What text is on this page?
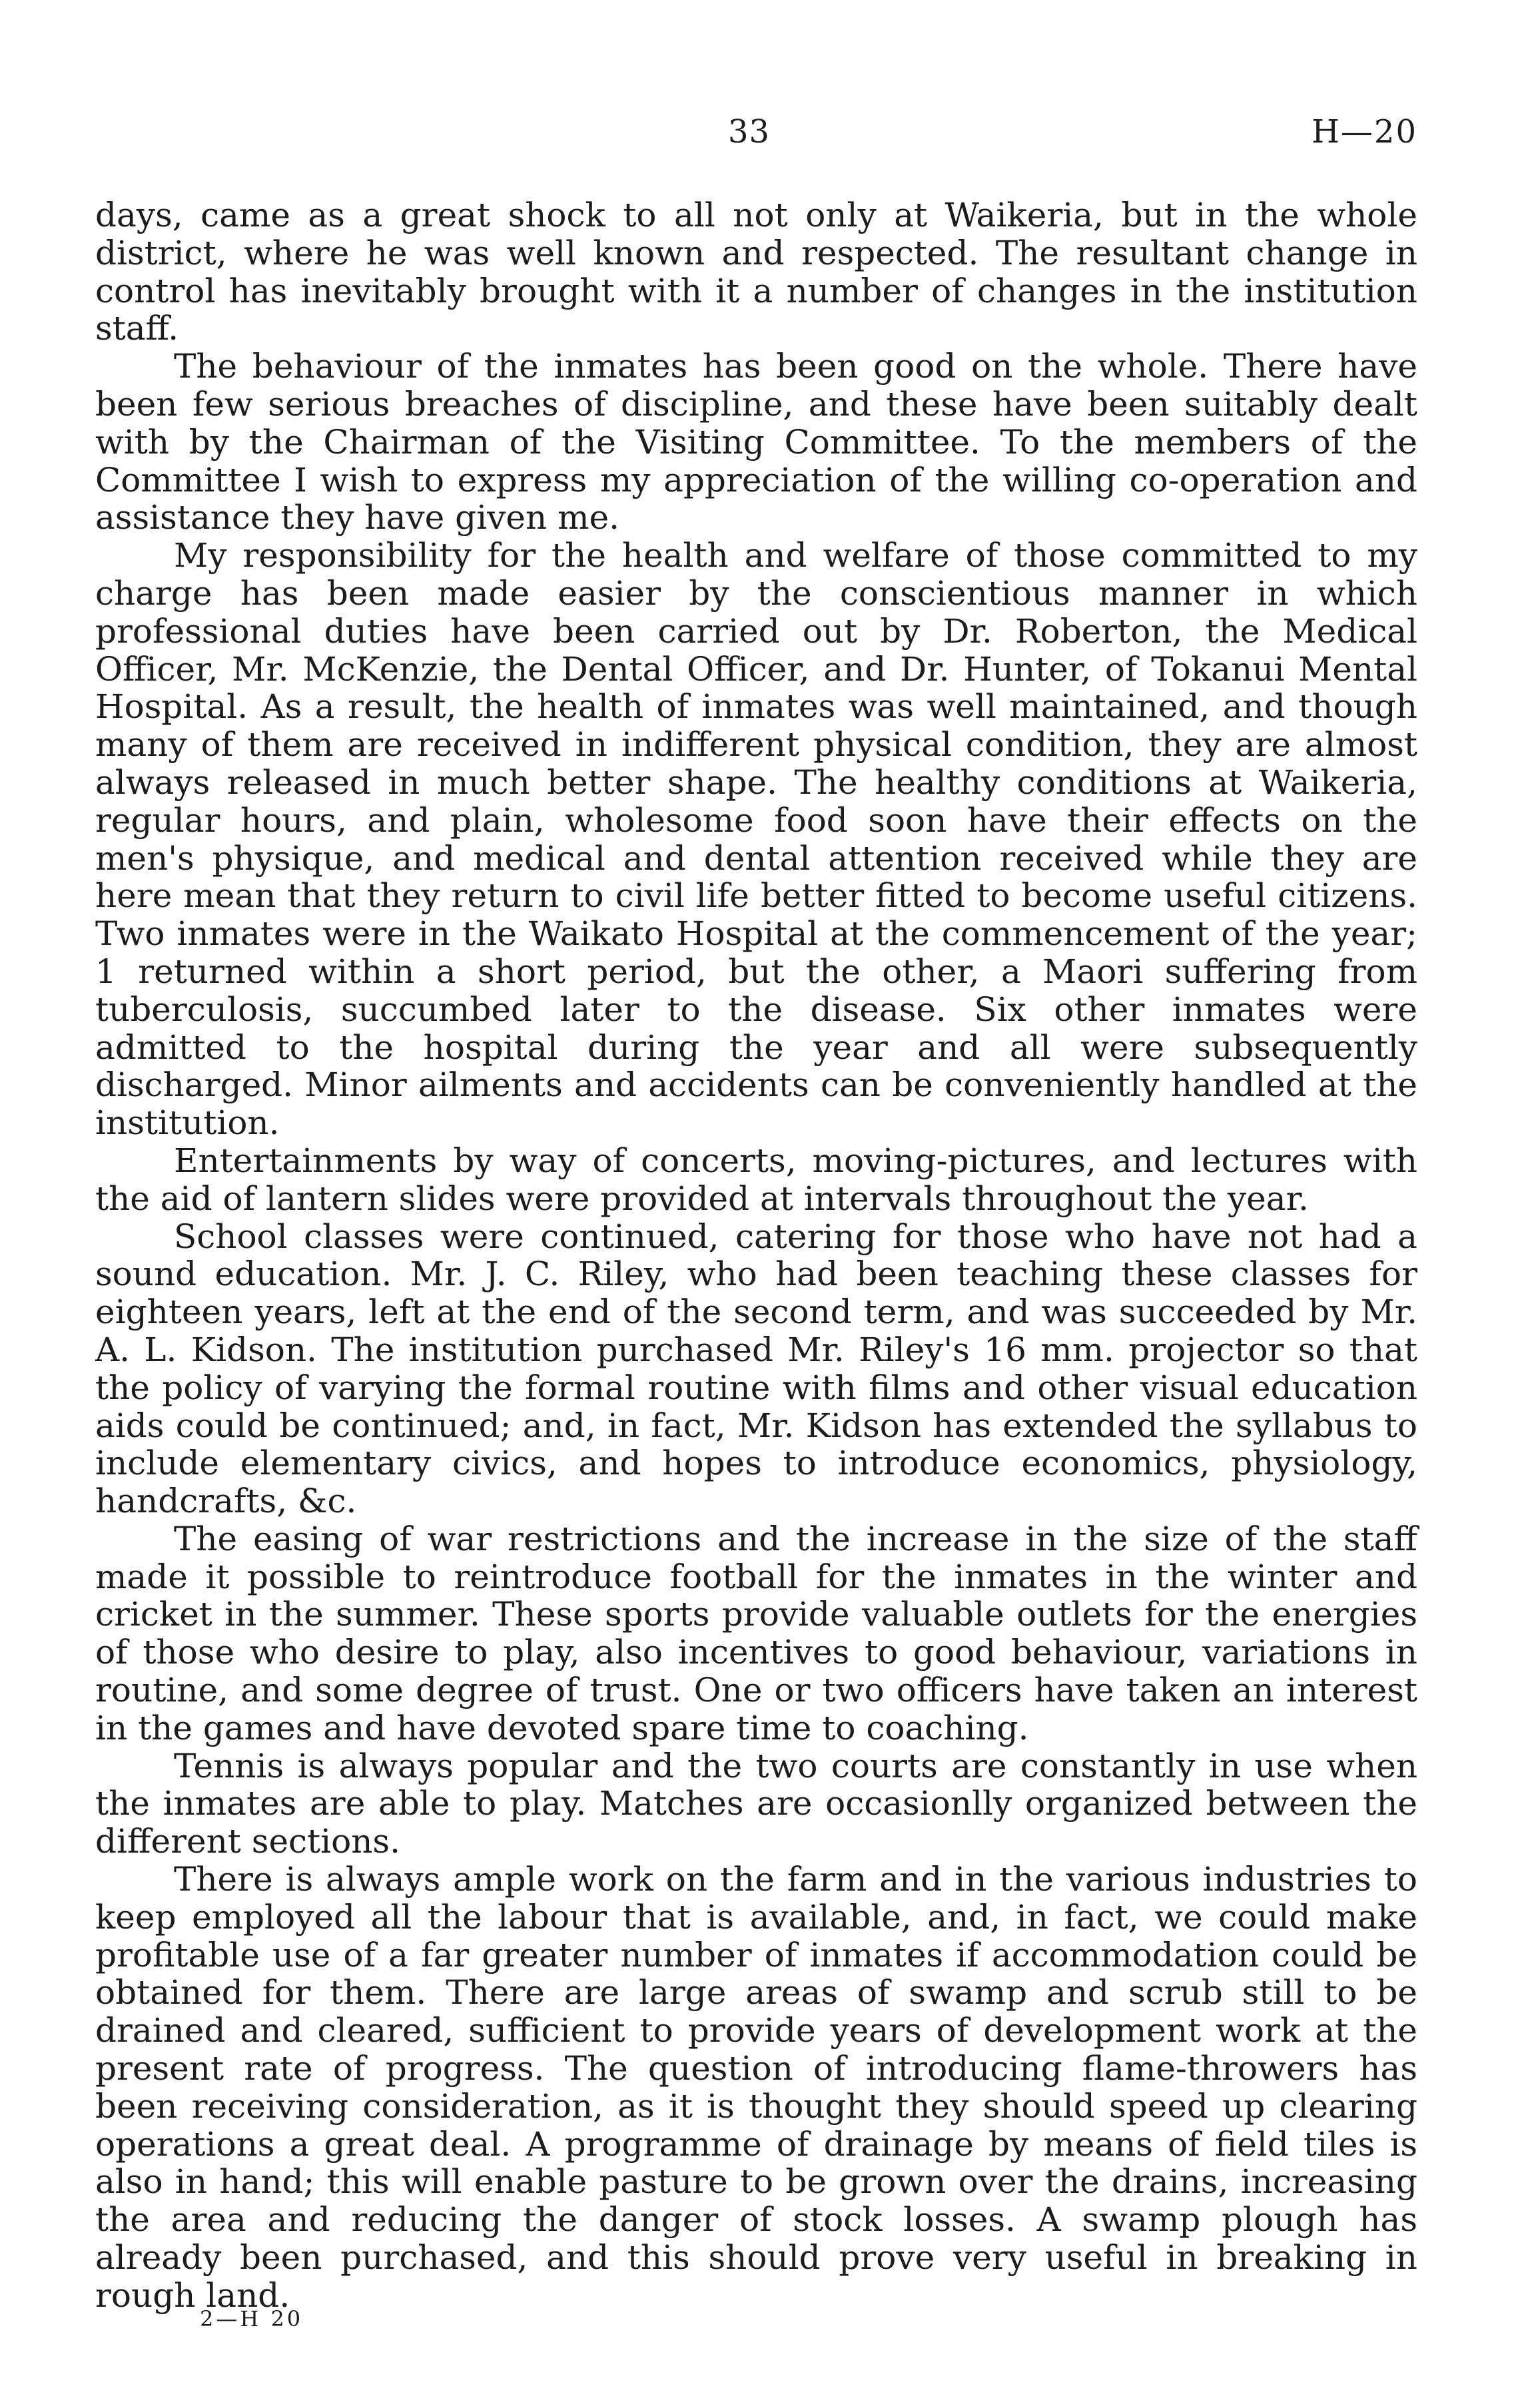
33	H—20

days, came as a great shock to all not only at Waikeria, but in the whole district, where he was well known and respected. The resultant change in control has inevitably brought with it a number of changes in the institution staff.

The behaviour of the inmates has been good on the whole. There have been few serious breaches of discipline, and these have been suitably dealt with by the Chairman of the Visiting Committee. To the members of the Committee I wish to express my appreciation of the willing co-operation and assistance they have given me.

My responsibility for the health and welfare of those committed to my charge has been made easier by the conscientious manner in which professional duties have been carried out by Dr. Roberton, the Medical Officer, Mr. McKenzie, the Dental Officer, and Dr. Hunter, of Tokanui Mental Hospital. As a result, the health of inmates was well maintained, and though many of them are received in indifferent physical condition, they are almost always released in much better shape. The healthy conditions at Waikeria, regular hours, and plain, wholesome food soon have their effects on the men's physique, and medical and dental attention received while they are here mean that they return to civil life better fitted to become useful citizens. Two inmates were in the Waikato Hospital at the commencement of the year; 1 returned within a short period, but the other, a Maori suffering from tuberculosis, succumbed later to the disease. Six other inmates were admitted to the hospital during the year and all were subsequently discharged. Minor ailments and accidents can be conveniently handled at the institution.

Entertainments by way of concerts, moving-pictures, and lectures with the aid of lantern slides were provided at intervals throughout the year.

School classes were continued, catering for those who have not had a sound education. Mr. J. C. Riley, who had been teaching these classes for eighteen years, left at the end of the second term, and was succeeded by Mr. A. L. Kidson. The institution purchased Mr. Riley's 16 mm. projector so that the policy of varying the formal routine with films and other visual education aids could be continued; and, in fact, Mr. Kidson has extended the syllabus to include elementary civics, and hopes to introduce economics, physiology, handcrafts, &c.

The easing of war restrictions and the increase in the size of the staff made it possible to reintroduce football for the inmates in the winter and cricket in the summer. These sports provide valuable outlets for the energies of those who desire to play, also incentives to good behaviour, variations in routine, and some degree of trust. One or two officers have taken an interest in the games and have devoted spare time to coaching.

Tennis is always popular and the two courts are constantly in use when the inmates are able to play. Matches are occasionlly organized between the different sections.

There is always ample work on the farm and in the various industries to keep employed all the labour that is available, and, in fact, we could make profitable use of a far greater number of inmates if accommodation could be obtained for them. There are large areas of swamp and scrub still to be drained and cleared, sufficient to provide years of development work at the present rate of progress. The question of introducing flame-throwers has been receiving consideration, as it is thought they should speed up clearing operations a great deal. A programme of drainage by means of field tiles is also in hand; this will enable pasture to be grown over the drains, increasing the area and reducing the danger of stock losses. A swamp plough has already been purchased, and this should prove very useful in breaking in rough land.

2—H 20
